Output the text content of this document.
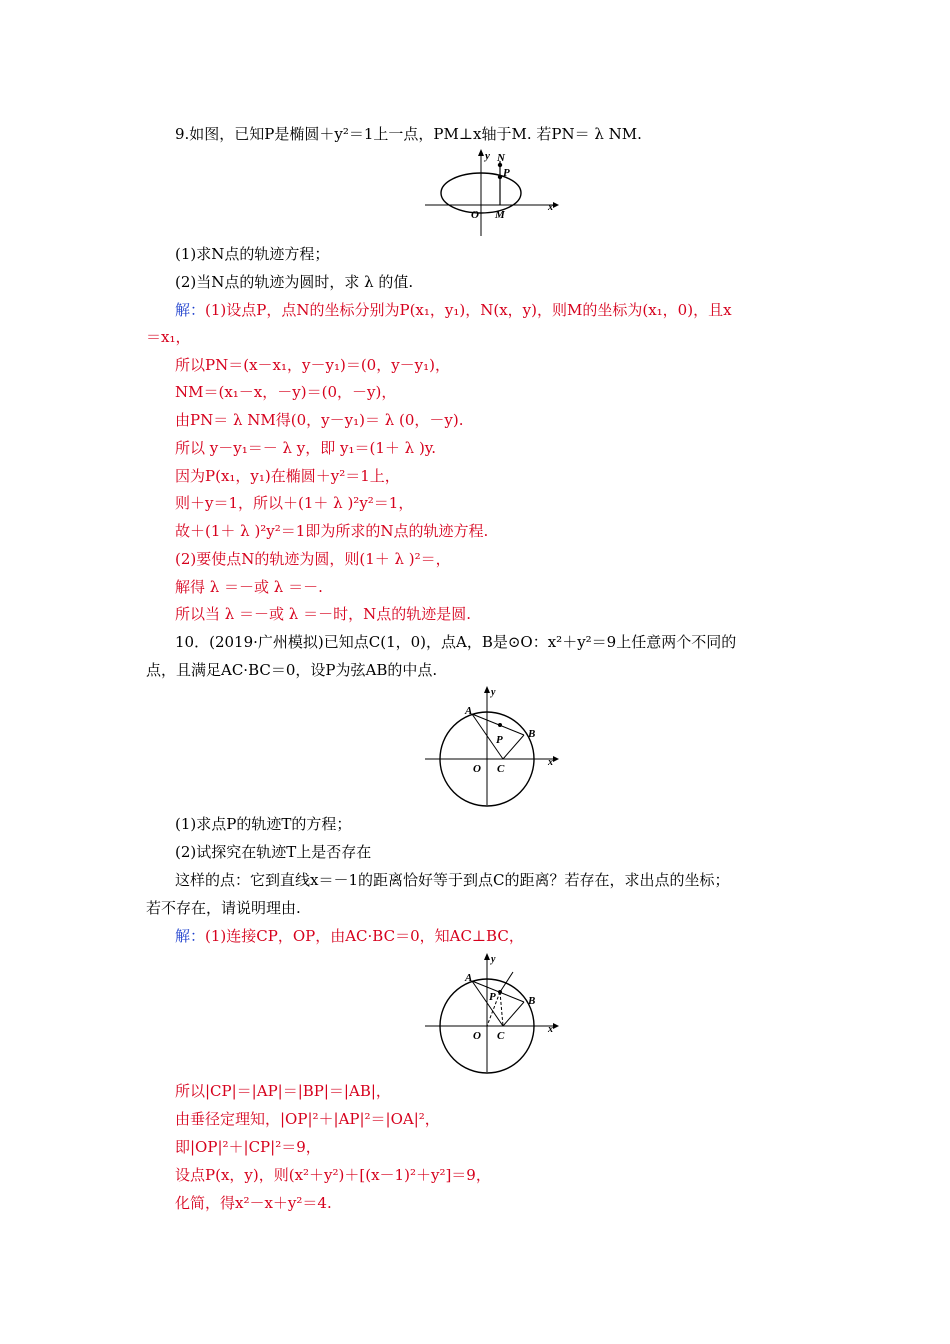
9.如图，已知P是椭圆＋y²＝1上一点，PM⊥x轴于M. 若PN＝ λ NM.
y N
P
O M
x
(1)求N点的轨迹方程；
(2)当N点的轨迹为圆时，求 λ 的值.
解：(1)设点P，点N的坐标分别为P(x₁，y₁)，N(x，y)，则M的坐标为(x₁，0)，且x
＝x₁，
所以PN＝(x－x₁，y－y₁)＝(0，y－y₁)，
NM＝(x₁－x，－y)＝(0，－y)，
由PN＝ λ NM得(0，y－y₁)＝ λ (0，－y).
所以 y－y₁＝－ λ y，即 y₁＝(1＋ λ )y.
因为P(x₁，y₁)在椭圆＋y²＝1上，
则＋y＝1，所以＋(1＋ λ )²y²＝1，
故＋(1＋ λ )²y²＝1即为所求的N点的轨迹方程.
(2)要使点N的轨迹为圆，则(1＋ λ )²＝，
解得 λ ＝－或 λ ＝－.
所以当 λ ＝－或 λ ＝－时，N点的轨迹是圆.
10．(2019·广州模拟)已知点C(1，0)，点A，B是⊙O：x²＋y²＝9上任意两个不同的
点，且满足AC·BC＝0，设P为弦AB的中点.
y
A
B
P
O C
x
(1)求点P的轨迹T的方程；
(2)试探究在轨迹T上是否存在
这样的点：它到直线x＝－1的距离恰好等于到点C的距离？若存在，求出点的坐标；
若不存在，请说明理由.
解：(1)连接CP，OP，由AC·BC＝0，知AC⊥BC，
y
A
B
P
O C
x
所以|CP|＝|AP|＝|BP|＝|AB|，
由垂径定理知，|OP|²＋|AP|²＝|OA|²，
即|OP|²＋|CP|²＝9，
设点P(x，y)，则(x²＋y²)＋[(x－1)²＋y²]＝9，
化简，得x²－x＋y²＝4.
